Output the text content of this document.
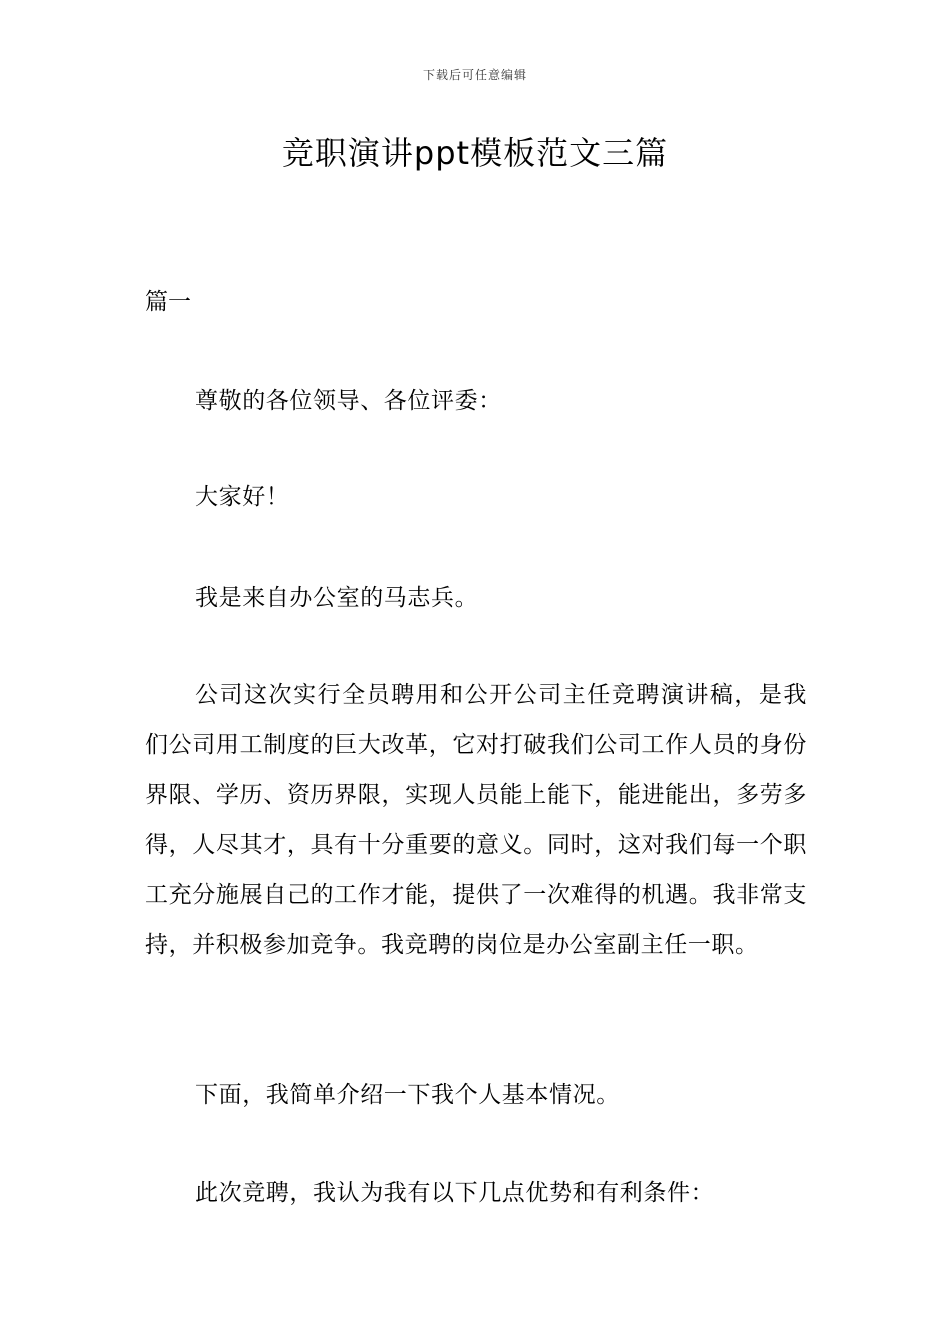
下载后可任意编辑
竞职演讲ppt模板范文三篇
篇一

尊敬的各位领导、各位评委：

大家好！

我是来自办公室的马志兵。

公司这次实行全员聘用和公开公司主任竞聘演讲稿，是我们公司用工制度的巨大改革，它对打破我们公司工作人员的身份界限、学历、资历界限，实现人员能上能下，能进能出，多劳多得，人尽其才，具有十分重要的意义。同时，这对我们每一个职工充分施展自己的工作才能，提供了一次难得的机遇。我非常支持，并积极参加竞争。我竞聘的岗位是办公室副主任一职。

下面，我简单介绍一下我个人基本情况。

此次竞聘，我认为我有以下几点优势和有利条件：
